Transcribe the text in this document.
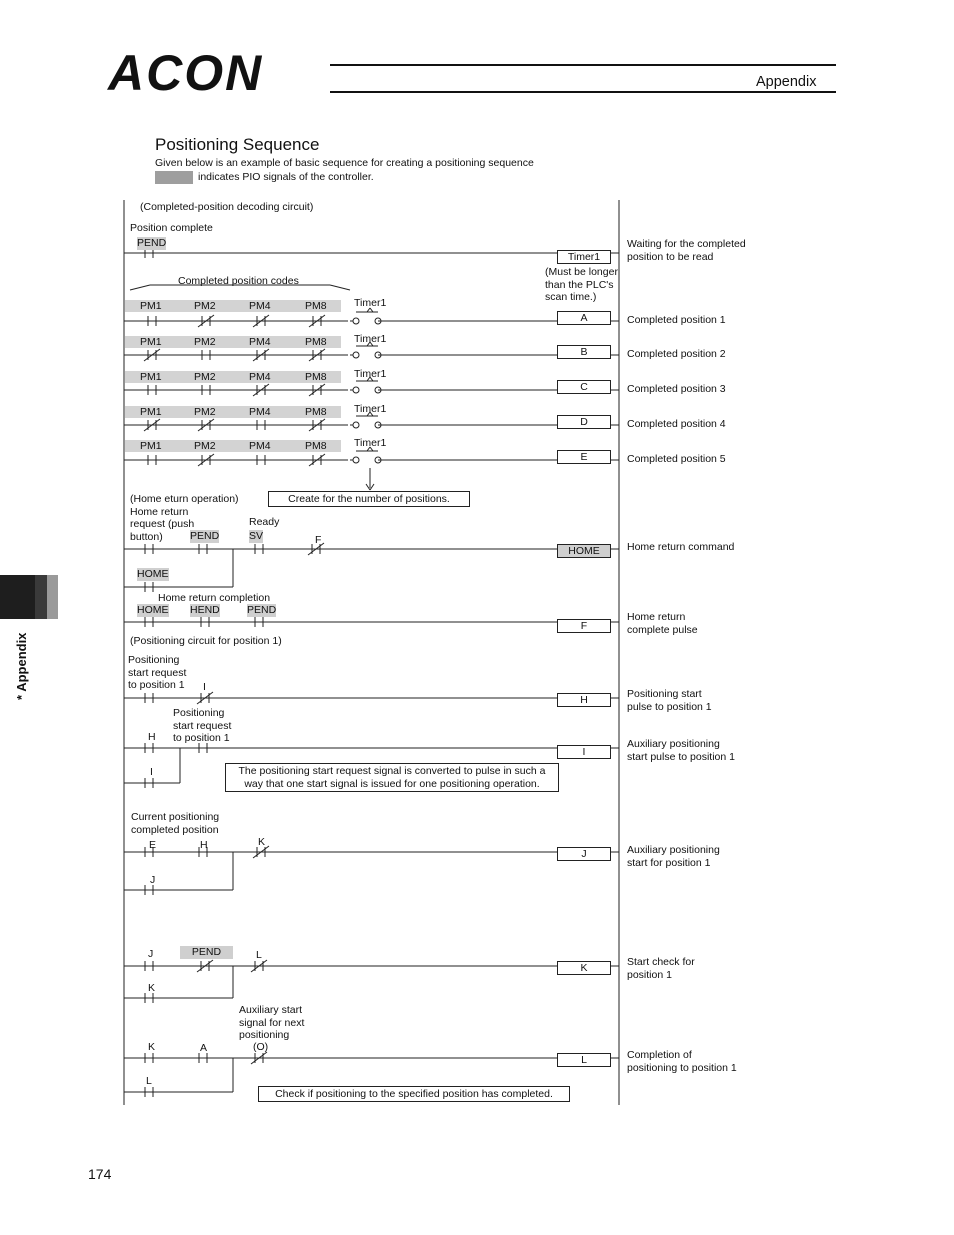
ACON	Appendix
* Appendix
Positioning Sequence
Given below is an example of basic sequence for creating a positioning sequence
indicates PIO signals of the controller.
(Completed-position decoding circuit)
Position complete
PEND
Timer1
Waiting for the completed
position to be read
(Must be longer
than the PLC's
scan time.)
Completed position codes
PM1	PM2	PM4	PM8	Timer1
A	Completed position 1
PM1	PM2	PM4	PM8	Timer1
B	Completed position 2
PM1	PM2	PM4	PM8	Timer1
C	Completed position 3
PM1	PM2	PM4	PM8	Timer1
D	Completed position 4
PM1	PM2	PM4	PM8	Timer1
E	Completed position 5
Create for the number of positions.
(Home eturn operation)
Home return
request (push
button)
Ready
PEND	SV	F
HOME	Home return command
HOME
Home return completion
HOME HEND	PEND
F
Home return
complete pulse
(Positioning circuit for position 1)
Positioning
start request
to position 1 I
H	Positioning start
pulse to position 1
Positioning
start request
to position 1
H
I
Auxiliary positioning
start pulse to position 1
I	The positioning start request signal is converted to pulse in such a
way that one start signal is issued for one positioning operation.
Current positioning
completed position
E	H	K
J	Auxiliary positioning
start for position 1
J
J	PEND	L
K	Start check for
position 1
K
Auxiliary start
signal for next
positioning
(O)
K	A
L	Completion of
positioning to position 1
L
Check if positioning to the specified position has completed.
174
